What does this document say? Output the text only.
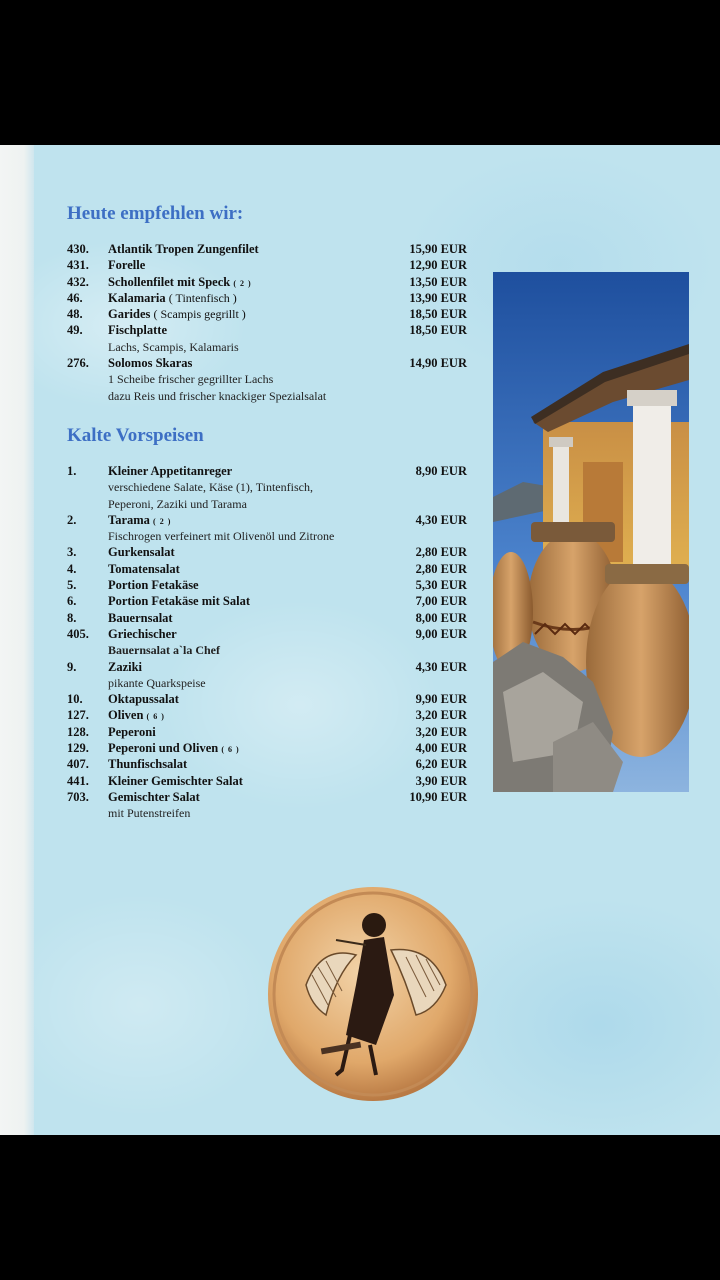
Heute empfehlen wir:
430. Atlantik Tropen Zungenfilet	15,90 EUR
431. Forelle	12,90 EUR
432. Schollenfilet mit Speck ( 2 )	13,50 EUR
46. Kalamaria ( Tintenfisch )	13,90 EUR
48. Garides ( Scampis gegrillt )	18,50 EUR
49. Fischplatte	18,50 EUR
Lachs, Scampis, Kalamaris
276. Solomos Skaras	14,90 EUR
1 Scheibe frischer gegrillter Lachs
dazu Reis und frischer knackiger Spezialsalat
Kalte Vorspeisen
1.	Kleiner Appetitanreger	8,90 EUR
verschiedene Salate, Käse (1), Tintenfisch,
Peperoni, Zaziki und Tarama
2.	Tarama ( 2 )	4,30 EUR
Fischrogen verfeinert mit Olivenöl und Zitrone
3.	Gurkensalat	2,80 EUR
4.	Tomatensalat	2,80 EUR
5.	Portion Fetakäse	5,30 EUR
6.	Portion Fetakäse mit Salat	7,00 EUR
8.	Bauernsalat	8,00 EUR
405. Griechischer	9,00 EUR
Bauernsalat a`la Chef
9.	Zaziki	4,30 EUR
pikante Quarkspeise
10. Oktapussalat	9,90 EUR
127. Oliven ( 6 )	3,20 EUR
128. Peperoni	3,20 EUR
129. Peperoni und Oliven ( 6 )	4,00 EUR
407. Thunfischsalat	6,20 EUR
441. Kleiner Gemischter Salat	3,90 EUR
703. Gemischter Salat	10,90 EUR
mit Putenstreifen
